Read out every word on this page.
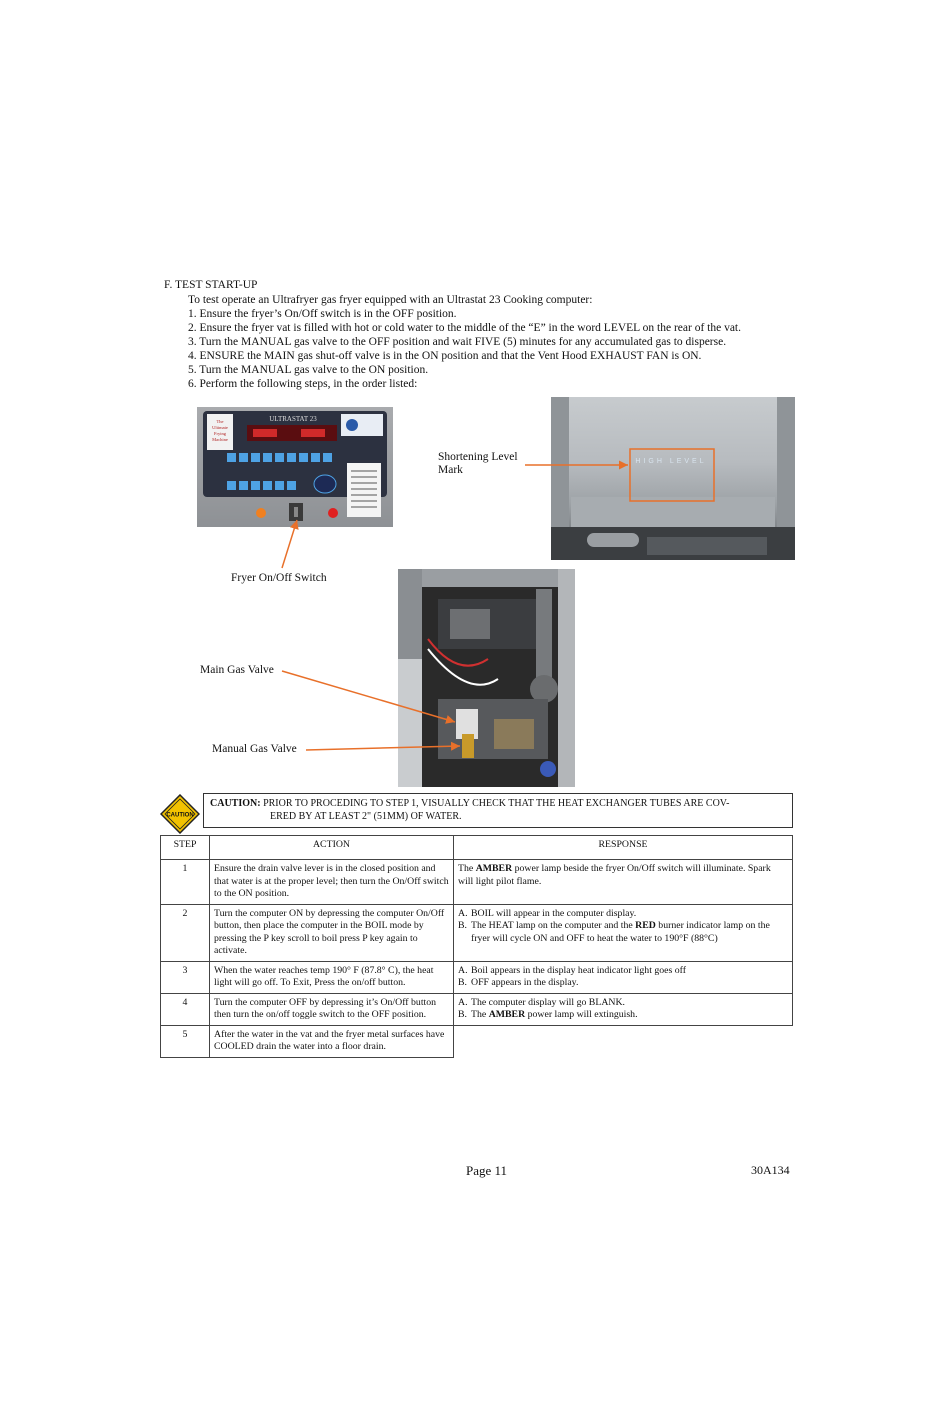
F. TEST START-UP
To test operate an Ultrafryer gas fryer equipped with an Ultrastat 23 Cooking computer:
1. Ensure the fryer’s On/Off switch is in the OFF position.
2. Ensure the fryer vat is filled with hot or cold water to the middle of the “E” in the word LEVEL on the rear of the vat.
3. Turn the MANUAL gas valve to the OFF position and wait FIVE (5) minutes for any accumulated gas to disperse.
4. ENSURE the MAIN gas shut-off valve is in the ON position and that the Vent Hood EXHAUST FAN is ON.
5. Turn the MANUAL gas valve to the ON position.
6. Perform the following steps, in the order listed:
The
Ultimate
Frying
Machine
ULTRASTAT 23
HIGH LEVEL
Shortening Level
Mark
Fryer On/Off Switch
Main Gas Valve
Manual Gas Valve
CAUTION
CAUTION: PRIOR TO PROCEDING TO STEP 1, VISUALLY CHECK THAT THE HEAT EXCHANGER TUBES ARE COV-
ERED BY AT LEAST 2" (51MM) OF WATER.
STEP	ACTION	RESPONSE
1	Ensure the drain valve lever is in the closed position and that water is at the proper level; then turn the On/Off switch to the ON position.	The AMBER power lamp beside the fryer On/Off switch will illuminate. Spark will light pilot flame.

2	Turn the computer ON by depressing the computer On/Off button, then place the computer in the BOIL mode by pressing the P key scroll to boil press P key again to activate.	A. BOIL will appear in the computer display.
B. The HEAT lamp on the computer and the RED burner indicator lamp on the fryer will cycle ON and OFF to heat the water to 190°F (88°C)

3	When the water reaches temp 190° F (87.8° C), the heat light will go off. To Exit, Press the on/off button.	A. Boil appears in the display heat indicator light goes off
B. OFF appears in the display.

4	Turn the computer OFF by depressing it’s On/Off button then turn the on/off toggle switch to the OFF position.	A. The computer display will go BLANK.
B. The AMBER power lamp will extinguish.

5	After the water in the vat and the fryer metal surfaces have COOLED drain the water into a floor drain.	
Page 11	30A134
